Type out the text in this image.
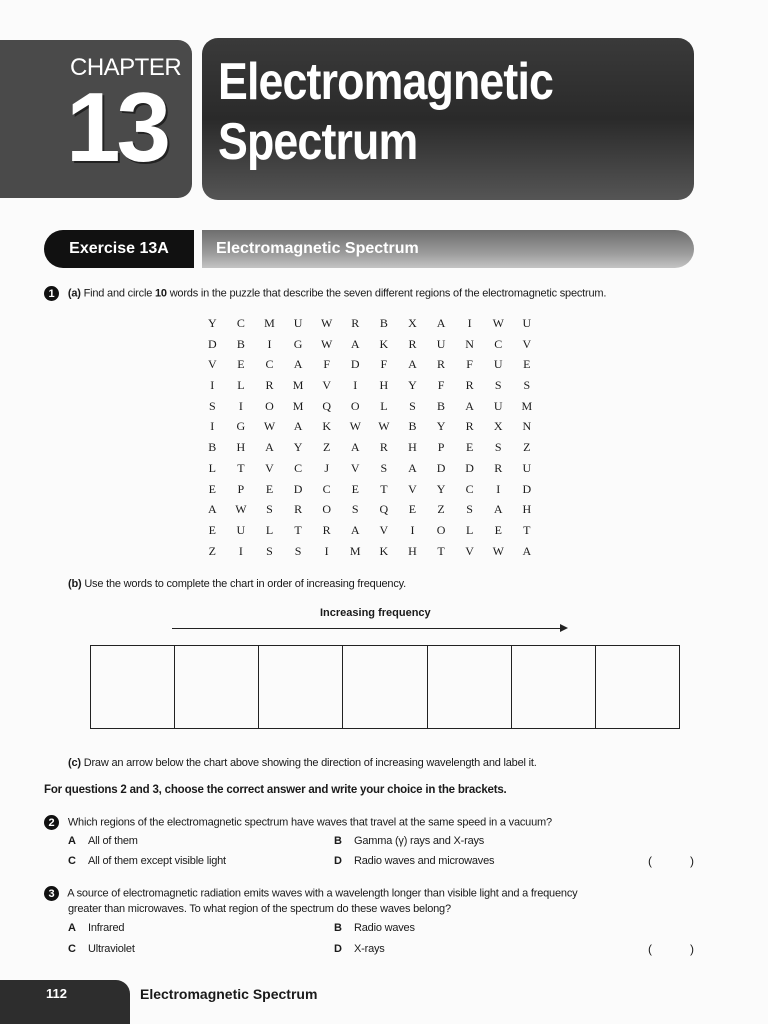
CHAPTER
13 Electromagnetic
Spectrum
Exercise 13A	Electromagnetic Spectrum
1 (a) Find and circle 10 words in the puzzle that describe the seven different regions of the electromagnetic spectrum.
Y	C	M	U	W	R	B	X	A	I	W	U
D	B	I	G	W	A	K	R	U	N	C	V
V	E	C	A	F	D	F	A	R	F	U	E
I	L	R	M	V	I	H	Y	F	R	S	S
S	I	O	M	Q	O	L	S	B	A	U	M
I	G	W	A	K	W	W	B	Y	R	X	N
B	H	A	Y	Z	A	R	H	P	E	S	Z
L	T	V	C	J	V	S	A	D	D	R	U
E	P	E	D	C	E	T	V	Y	C	I	D
A	W	S	R	O	S	Q	E	Z	S	A	H
E	U	L	T	R	A	V	I	O	L	E	T
Z	I	S	S	I	M	K	H	T	V	W	A
(b) Use the words to complete the chart in order of increasing frequency.
Increasing frequency
(c) Draw an arrow below the chart above showing the direction of increasing wavelength and label it.
For questions 2 and 3, choose the correct answer and write your choice in the brackets.
2 Which regions of the electromagnetic spectrum have waves that travel at the same speed in a vacuum?
A All of them	B Gamma (γ) rays and X-rays
C All of them except visible light	D Radio waves and microwaves	(	)
3 A source of electromagnetic radiation emits waves with a wavelength longer than visible light and a frequency
greater than microwaves. To what region of the spectrum do these waves belong?
A Infrared	B Radio waves
C Ultraviolet	D X-rays	(	)
112	Electromagnetic Spectrum
